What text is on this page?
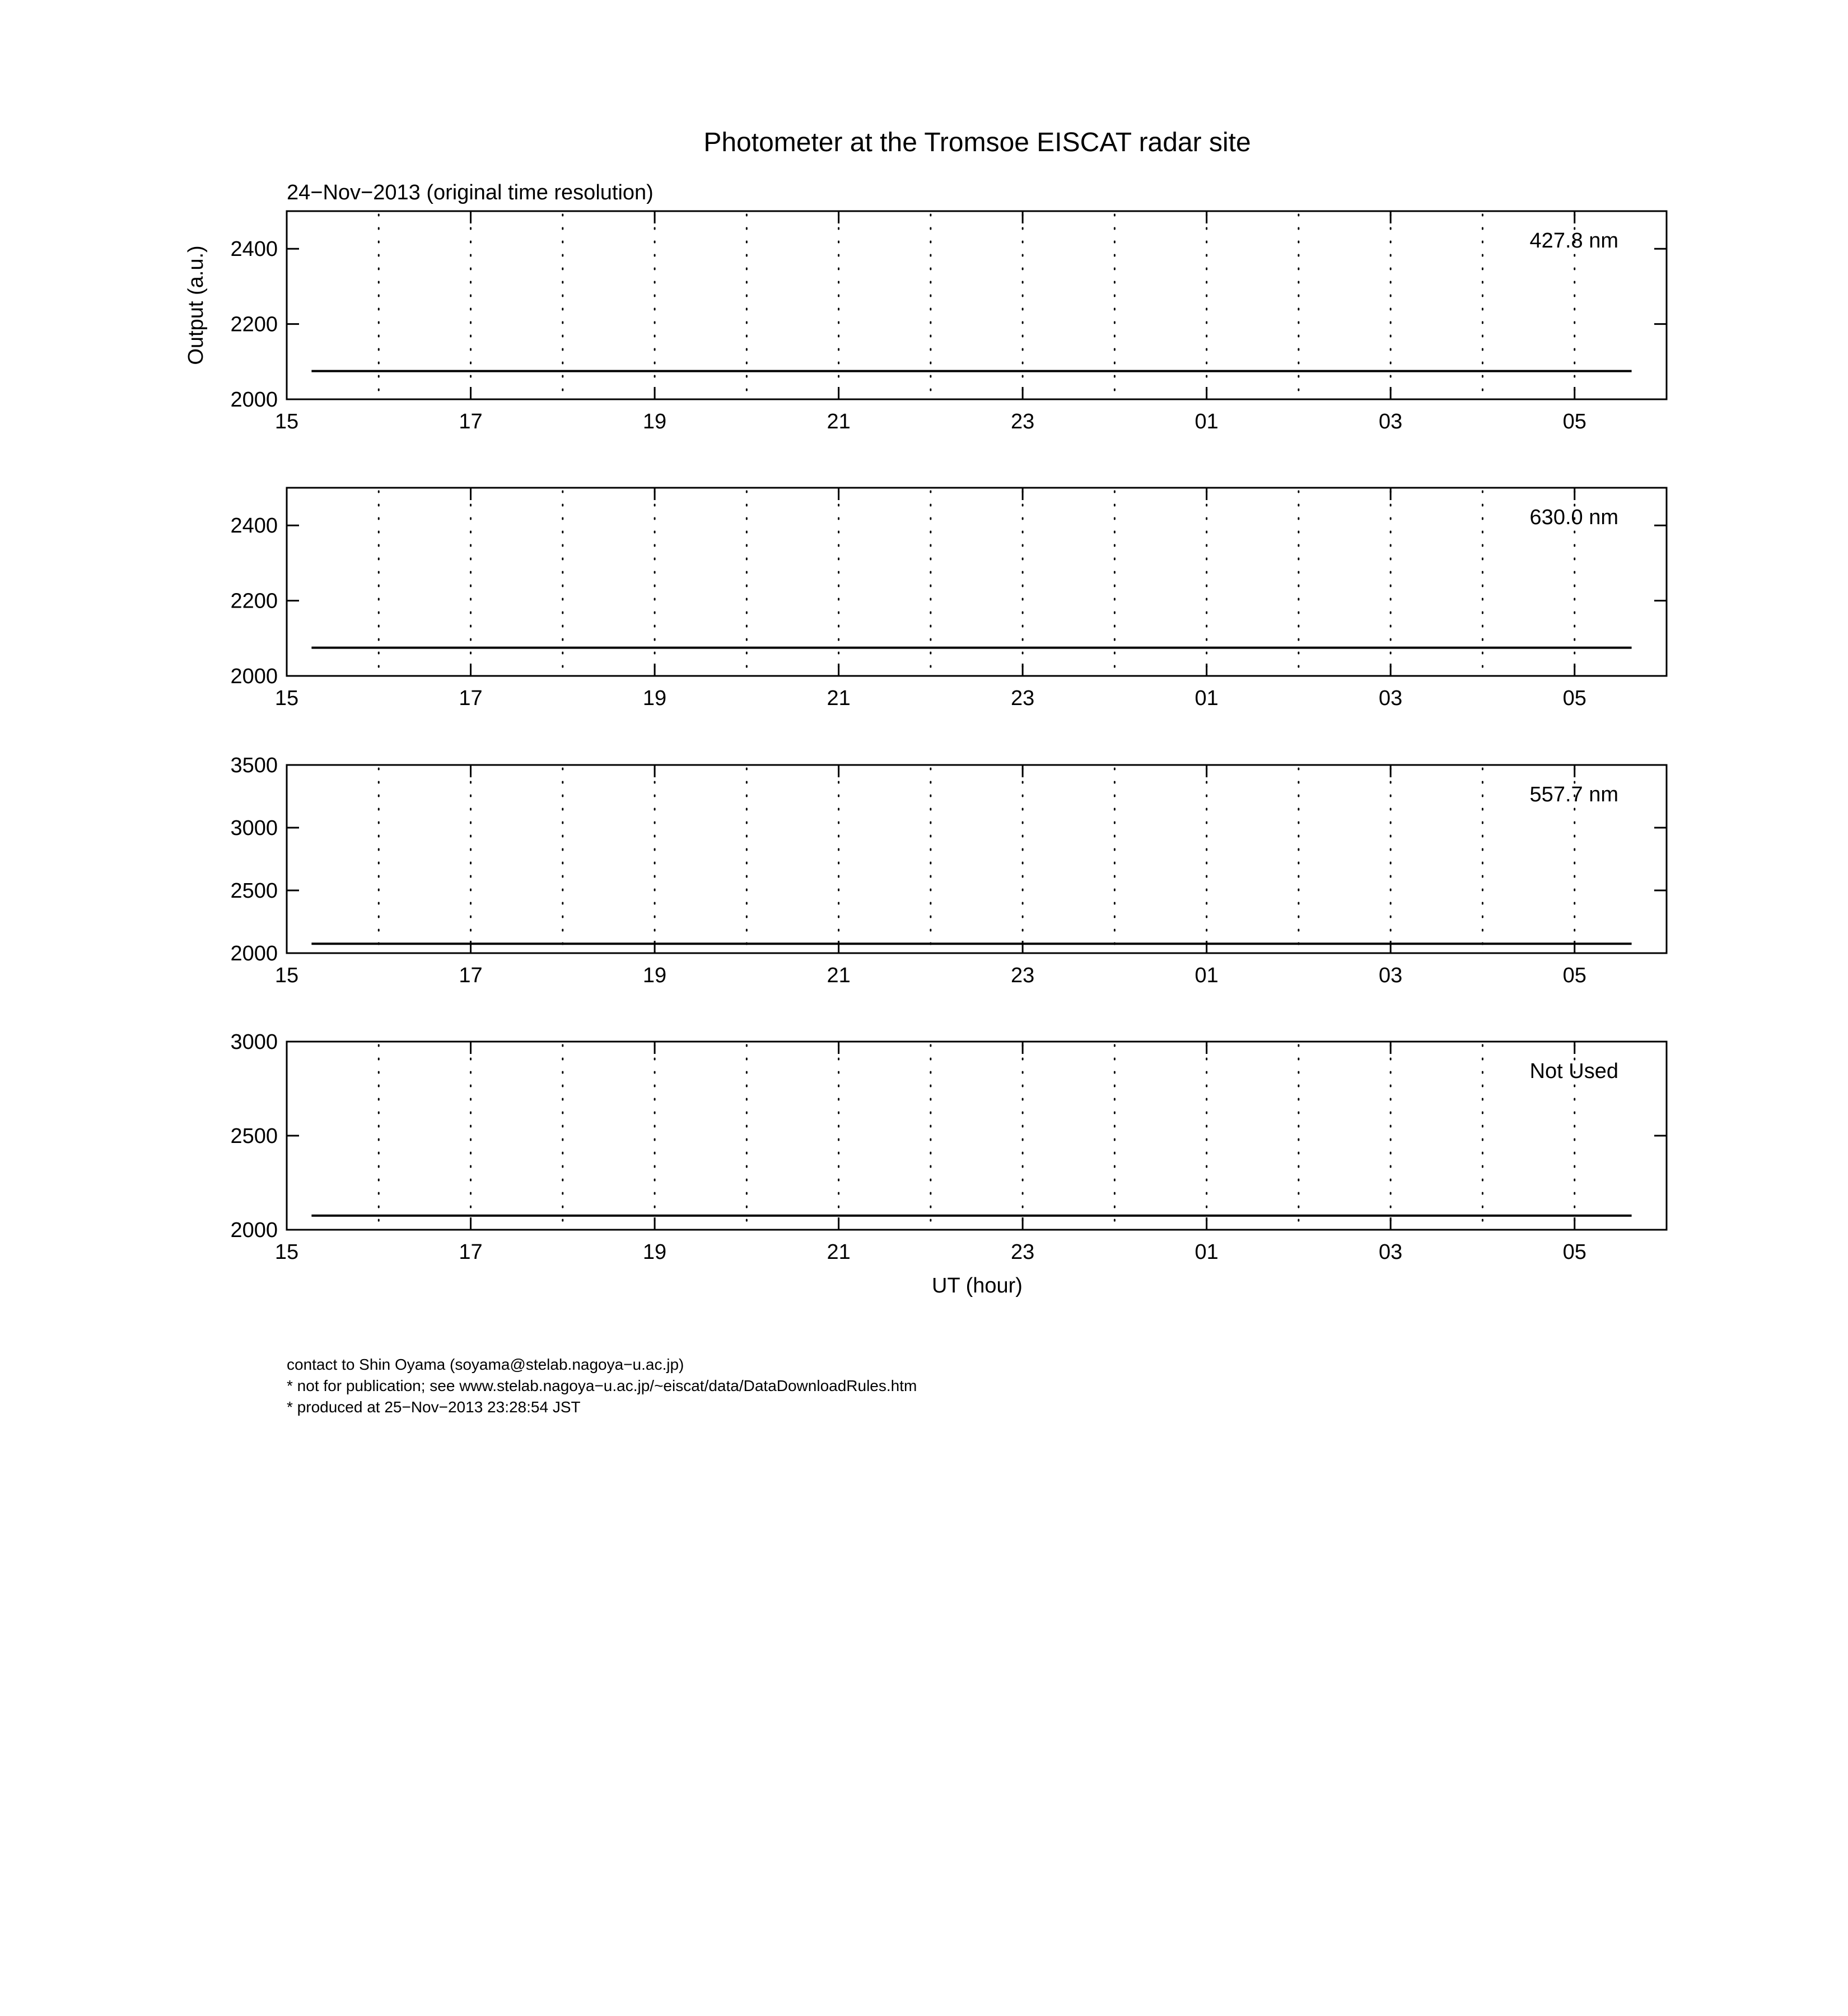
Photometer at the Tromsoe EISCAT radar site
24−Nov−2013 (original time resolution)
Output (a.u.)
UT (hour)
15	17	19	21	23	01	03	05
2000
2200
2400	427.8 nm
15	17	19	21	23	01	03	05
2000
2200
2400	630.0 nm
15	17	19	21	23	01	03	05
2000
2500
3000
3500
557.7 nm
15	17	19	21	23	01	03	05
2000
2500
3000
Not Used
contact to Shin Oyama (soyama@stelab.nagoya−u.ac.jp)
* not for publication; see www.stelab.nagoya−u.ac.jp/~eiscat/data/DataDownloadRules.htm
* produced at 25−Nov−2013 23:28:54 JST
